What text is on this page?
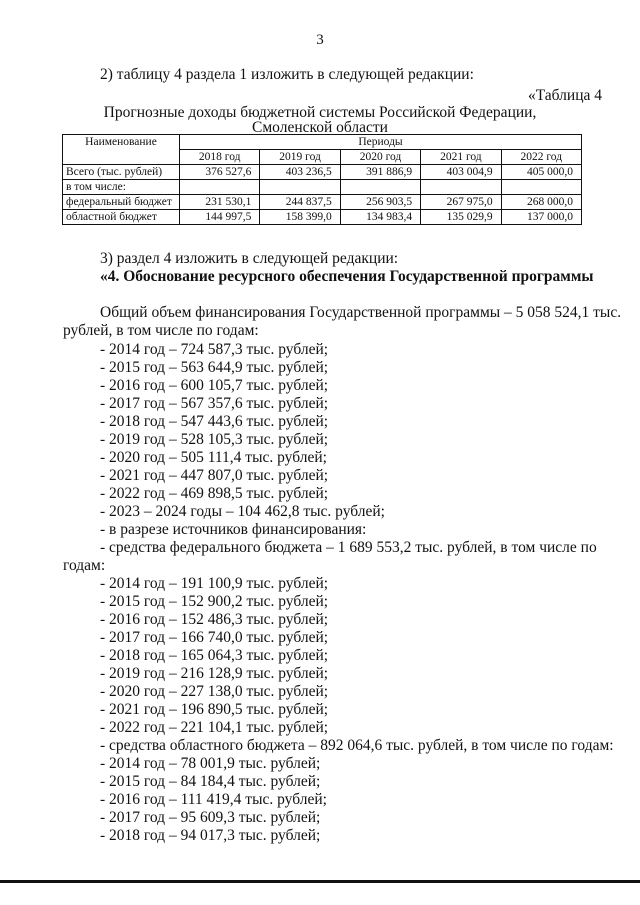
3
2) таблицу 4 раздела 1 изложить в следующей редакции:
«Таблица 4
Прогнозные доходы бюджетной системы Российской Федерации,
Смоленской области
Наименование	Периоды				
	2018 год	2019 год	2020 год	2021 год	2022 год
Всего (тыс. рублей)	376 527,6	403 236,5	391 886,9	403 004,9	405 000,0
в том числе:					
федеральный бюджет	231 530,1	244 837,5	256 903,5	267 975,0	268 000,0
областной бюджет	144 997,5	158 399,0	134 983,4	135 029,9	137 000,0
3) раздел 4 изложить в следующей редакции:
«4. Обоснование ресурсного обеспечения Государственной программы
Общий объем финансирования Государственной программы – 5 058 524,1 тыс.
рублей, в том числе по годам:
- 2014 год – 724 587,3 тыс. рублей;
- 2015 год – 563 644,9 тыс. рублей;
- 2016 год – 600 105,7 тыс. рублей;
- 2017 год – 567 357,6 тыс. рублей;
- 2018 год – 547 443,6 тыс. рублей;
- 2019 год – 528 105,3 тыс. рублей;
- 2020 год – 505 111,4 тыс. рублей;
- 2021 год – 447 807,0 тыс. рублей;
- 2022 год – 469 898,5 тыс. рублей;
- 2023 – 2024 годы – 104 462,8 тыс. рублей;
- в разрезе источников финансирования:
- средства федерального бюджета – 1 689 553,2 тыс. рублей, в том числе по
годам:
- 2014 год – 191 100,9 тыс. рублей;
- 2015 год – 152 900,2 тыс. рублей;
- 2016 год – 152 486,3 тыс. рублей;
- 2017 год – 166 740,0 тыс. рублей;
- 2018 год – 165 064,3 тыс. рублей;
- 2019 год – 216 128,9 тыс. рублей;
- 2020 год – 227 138,0 тыс. рублей;
- 2021 год – 196 890,5 тыс. рублей;
- 2022 год – 221 104,1 тыс. рублей;
- средства областного бюджета – 892 064,6 тыс. рублей, в том числе по годам:
- 2014 год – 78 001,9 тыс. рублей;
- 2015 год – 84 184,4 тыс. рублей;
- 2016 год – 111 419,4 тыс. рублей;
- 2017 год – 95 609,3 тыс. рублей;
- 2018 год – 94 017,3 тыс. рублей;
